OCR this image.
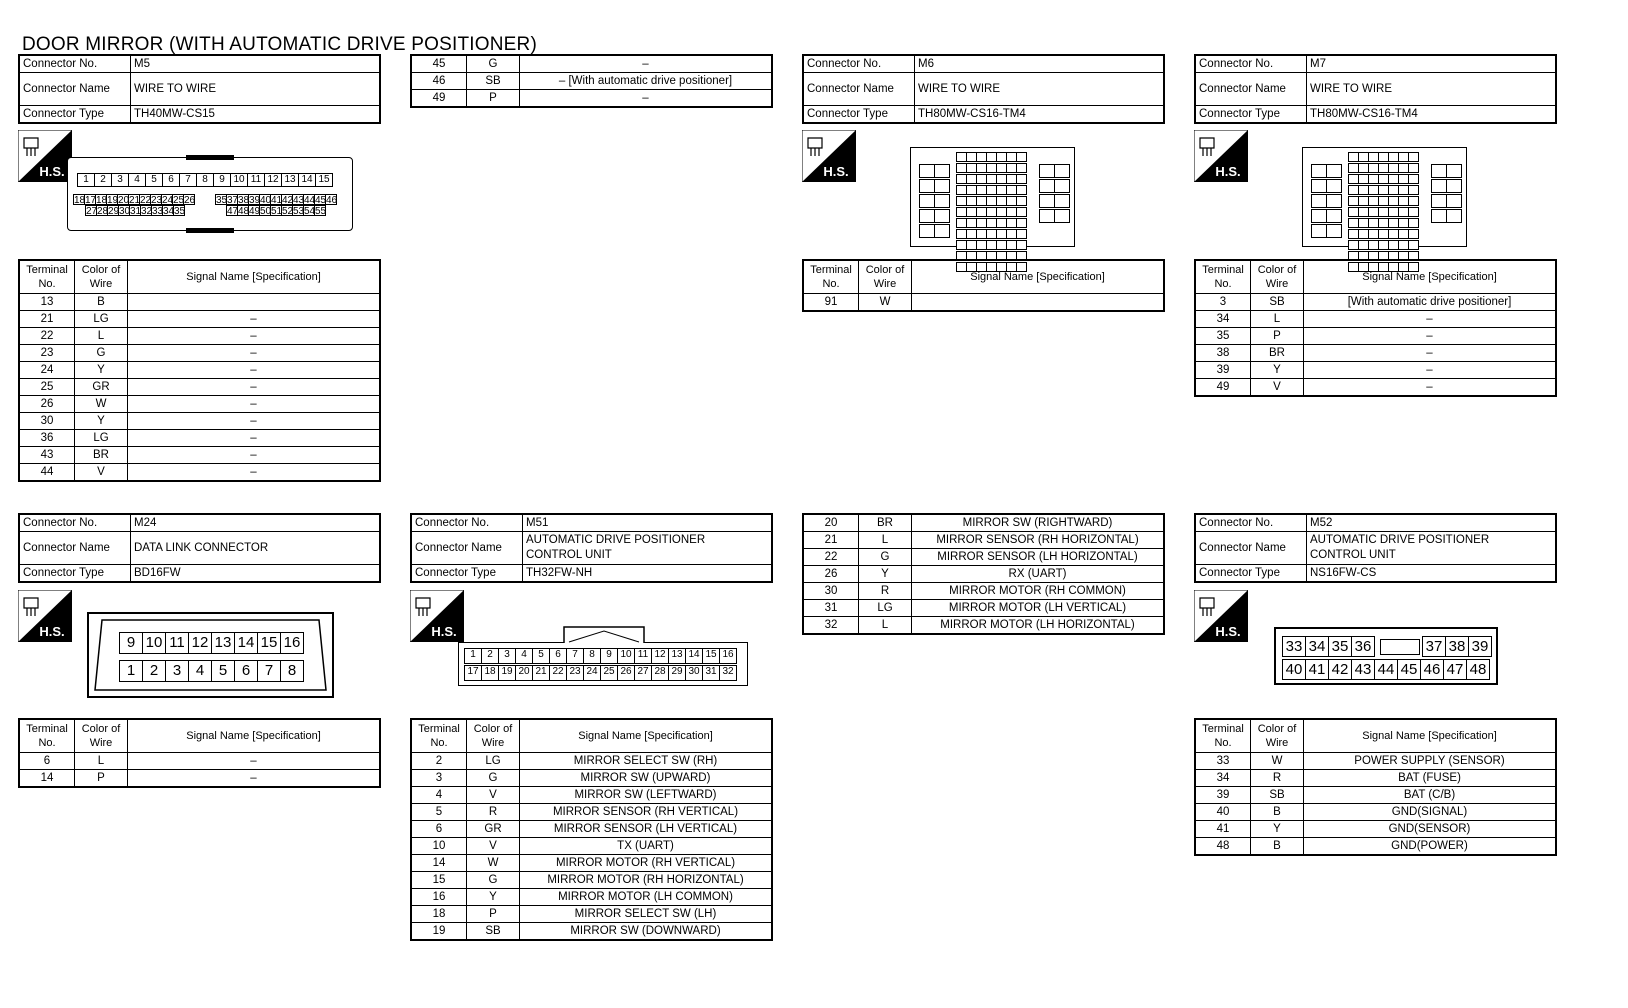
DOOR MIRROR (WITH AUTOMATIC DRIVE POSITIONER)
Connector No.	M5
Connector Name	WIRE TO WIRE
Connector Type	TH40MW-CS15
H.S.
1	2	3	4	5	6	7	8	9 10 11 12 13 14 15
18 17 18 19 20 21 22 23 24 25 26 35 37 38 39 40 41 42 43 44 45 46
27 28 29 30 31 32 33 34 35	47 48 49 50 51 52 53 54 55
Terminal No.	Color of Wire	Signal Name [Specification]
13	B	
21	LG	–
22	L	–
23	G	–
24	Y	–
25	GR	–
26	W	–
30	Y	–
36	LG	–
43	BR	–
44	V	–
45	G	–
46	SB	– [With automatic drive positioner]
49	P	–
Connector No.	M6
Connector Name	WIRE TO WIRE
Connector Type	TH80MW-CS16-TM4
H.S.
Terminal No.	Color of Wire	Signal Name [Specification]
91	W	
Connector No.	M7
Connector Name	WIRE TO WIRE
Connector Type	TH80MW-CS16-TM4
H.S.
Terminal No.	Color of Wire	Signal Name [Specification]
3	SB	[With automatic drive positioner]
34	L	–
35	P	–
38	BR	–
39	Y	–
49	V	–
Connector No.	M24
Connector Name	DATA LINK CONNECTOR
Connector Type	BD16FW
H.S.
9 10 11 12 13 14 15 16
1 2 3 4 5 6 7 8
Terminal No.	Color of Wire	Signal Name [Specification]
6	L	–
14	P	–
Connector No.	M51
Connector Name	AUTOMATIC DRIVE POSITIONER
CONTROL UNIT

Connector Type	TH32FW-NH
H.S.
1	2	3	4	5	6	7	8	9 10 11 12 13 14 15 16
17 18 19 20 21 22 23 24 25 26 27 28 29 30 31 32
Terminal No.	Color of Wire	Signal Name [Specification]
2	LG	MIRROR SELECT SW (RH)
3	G	MIRROR SW (UPWARD)
4	V	MIRROR SW (LEFTWARD)
5	R	MIRROR SENSOR (RH VERTICAL)
6	GR	MIRROR SENSOR (LH VERTICAL)
10	V	TX (UART)
14	W	MIRROR MOTOR (RH VERTICAL)
15	G	MIRROR MOTOR (RH HORIZONTAL)
16	Y	MIRROR MOTOR (LH COMMON)
18	P	MIRROR SELECT SW (LH)
19	SB	MIRROR SW (DOWNWARD)
20	BR	MIRROR SW (RIGHTWARD)
21	L	MIRROR SENSOR (RH HORIZONTAL)
22	G	MIRROR SENSOR (LH HORIZONTAL)
26	Y	RX (UART)
30	R	MIRROR MOTOR (RH COMMON)
31	LG	MIRROR MOTOR (LH VERTICAL)
32	L	MIRROR MOTOR (LH HORIZONTAL)
Connector No.	M52
Connector Name	AUTOMATIC DRIVE POSITIONER
CONTROL UNIT

Connector Type	NS16FW-CS
H.S.
33 34 35 36	37 38 39
40 41 42 43 44 45 46 47 48
Terminal No.	Color of Wire	Signal Name [Specification]
33	W	POWER SUPPLY (SENSOR)
34	R	BAT (FUSE)
39	SB	BAT (C/B)
40	B	GND(SIGNAL)
41	Y	GND(SENSOR)
48	B	GND(POWER)
